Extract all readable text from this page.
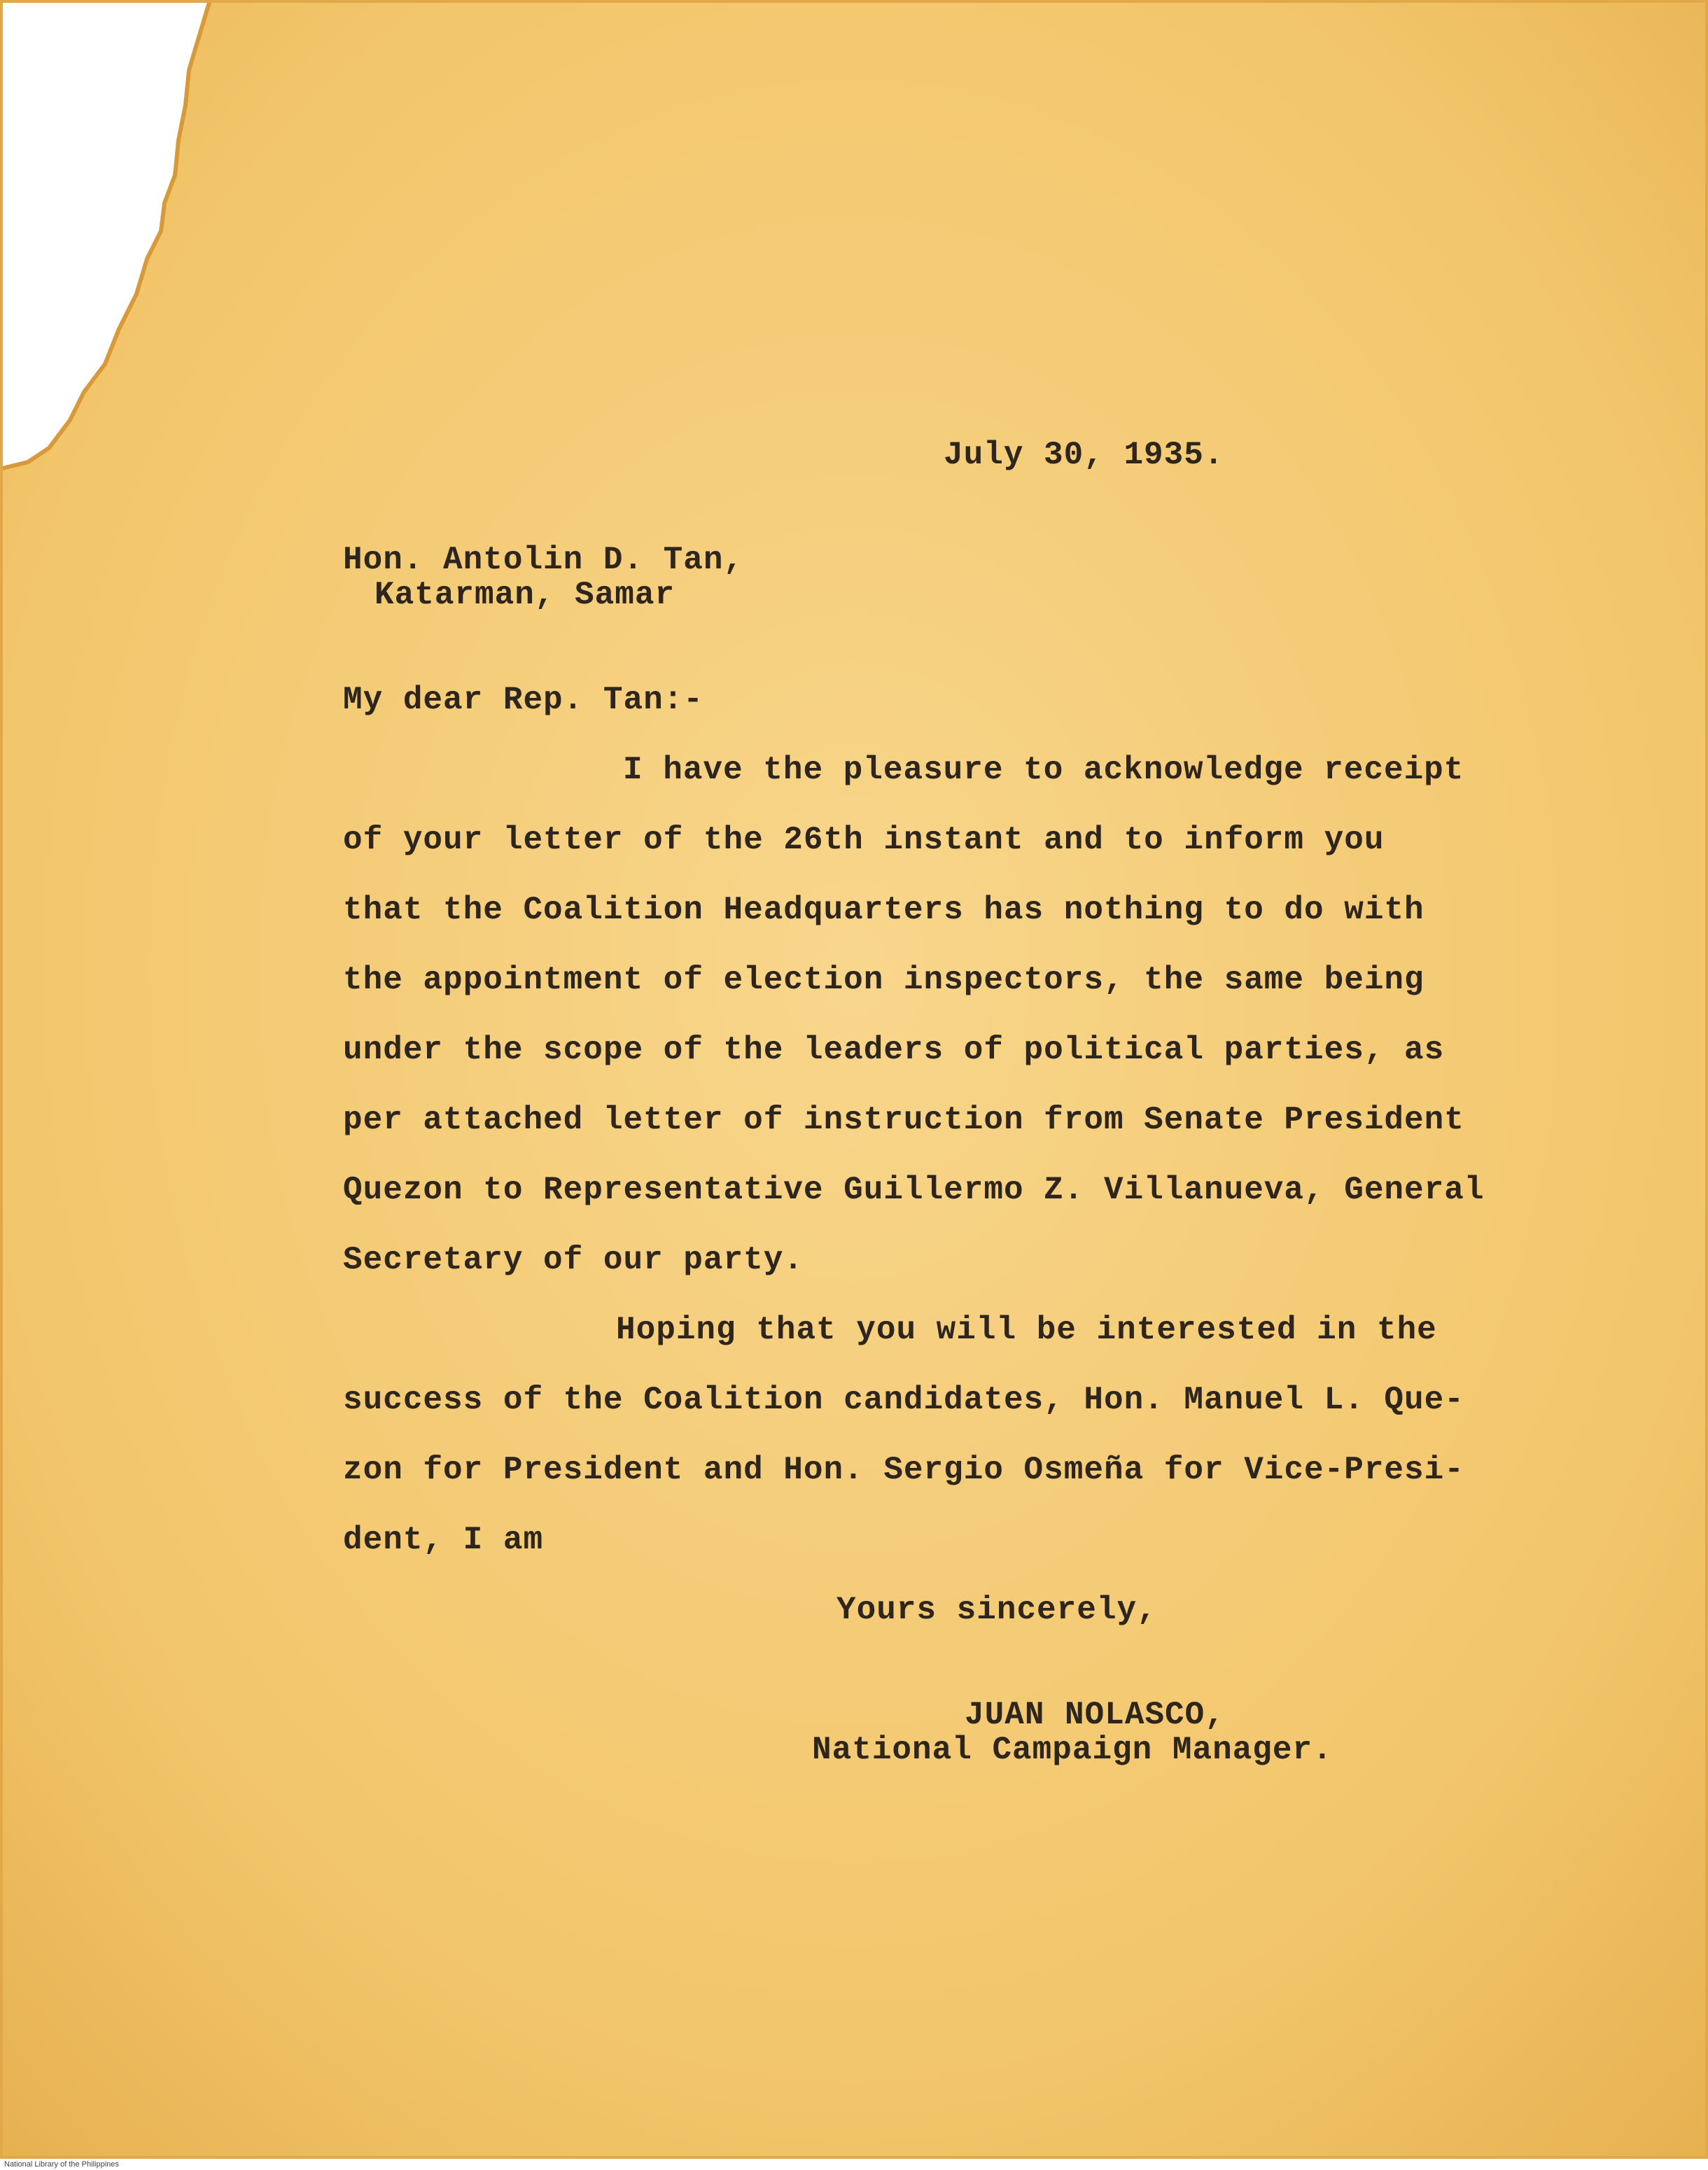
July 30, 1935.
Hon. Antolin D. Tan,
Katarman, Samar
My dear Rep. Tan:-
I have the pleasure to acknowledge receipt
of your letter of the 26th instant and to inform you
that the Coalition Headquarters has nothing to do with
the appointment of election inspectors, the same being
under the scope of the leaders of political parties, as
per attached letter of instruction from Senate President
Quezon to Representative Guillermo Z. Villanueva, General
Secretary of our party.
Hoping that you will be interested in the
success of the Coalition candidates, Hon. Manuel L. Que-
zon for President and Hon. Sergio Osmeña for Vice-Presi-
dent, I am
Yours sincerely,
JUAN NOLASCO,
National Campaign Manager.
National Library of the Philippines
